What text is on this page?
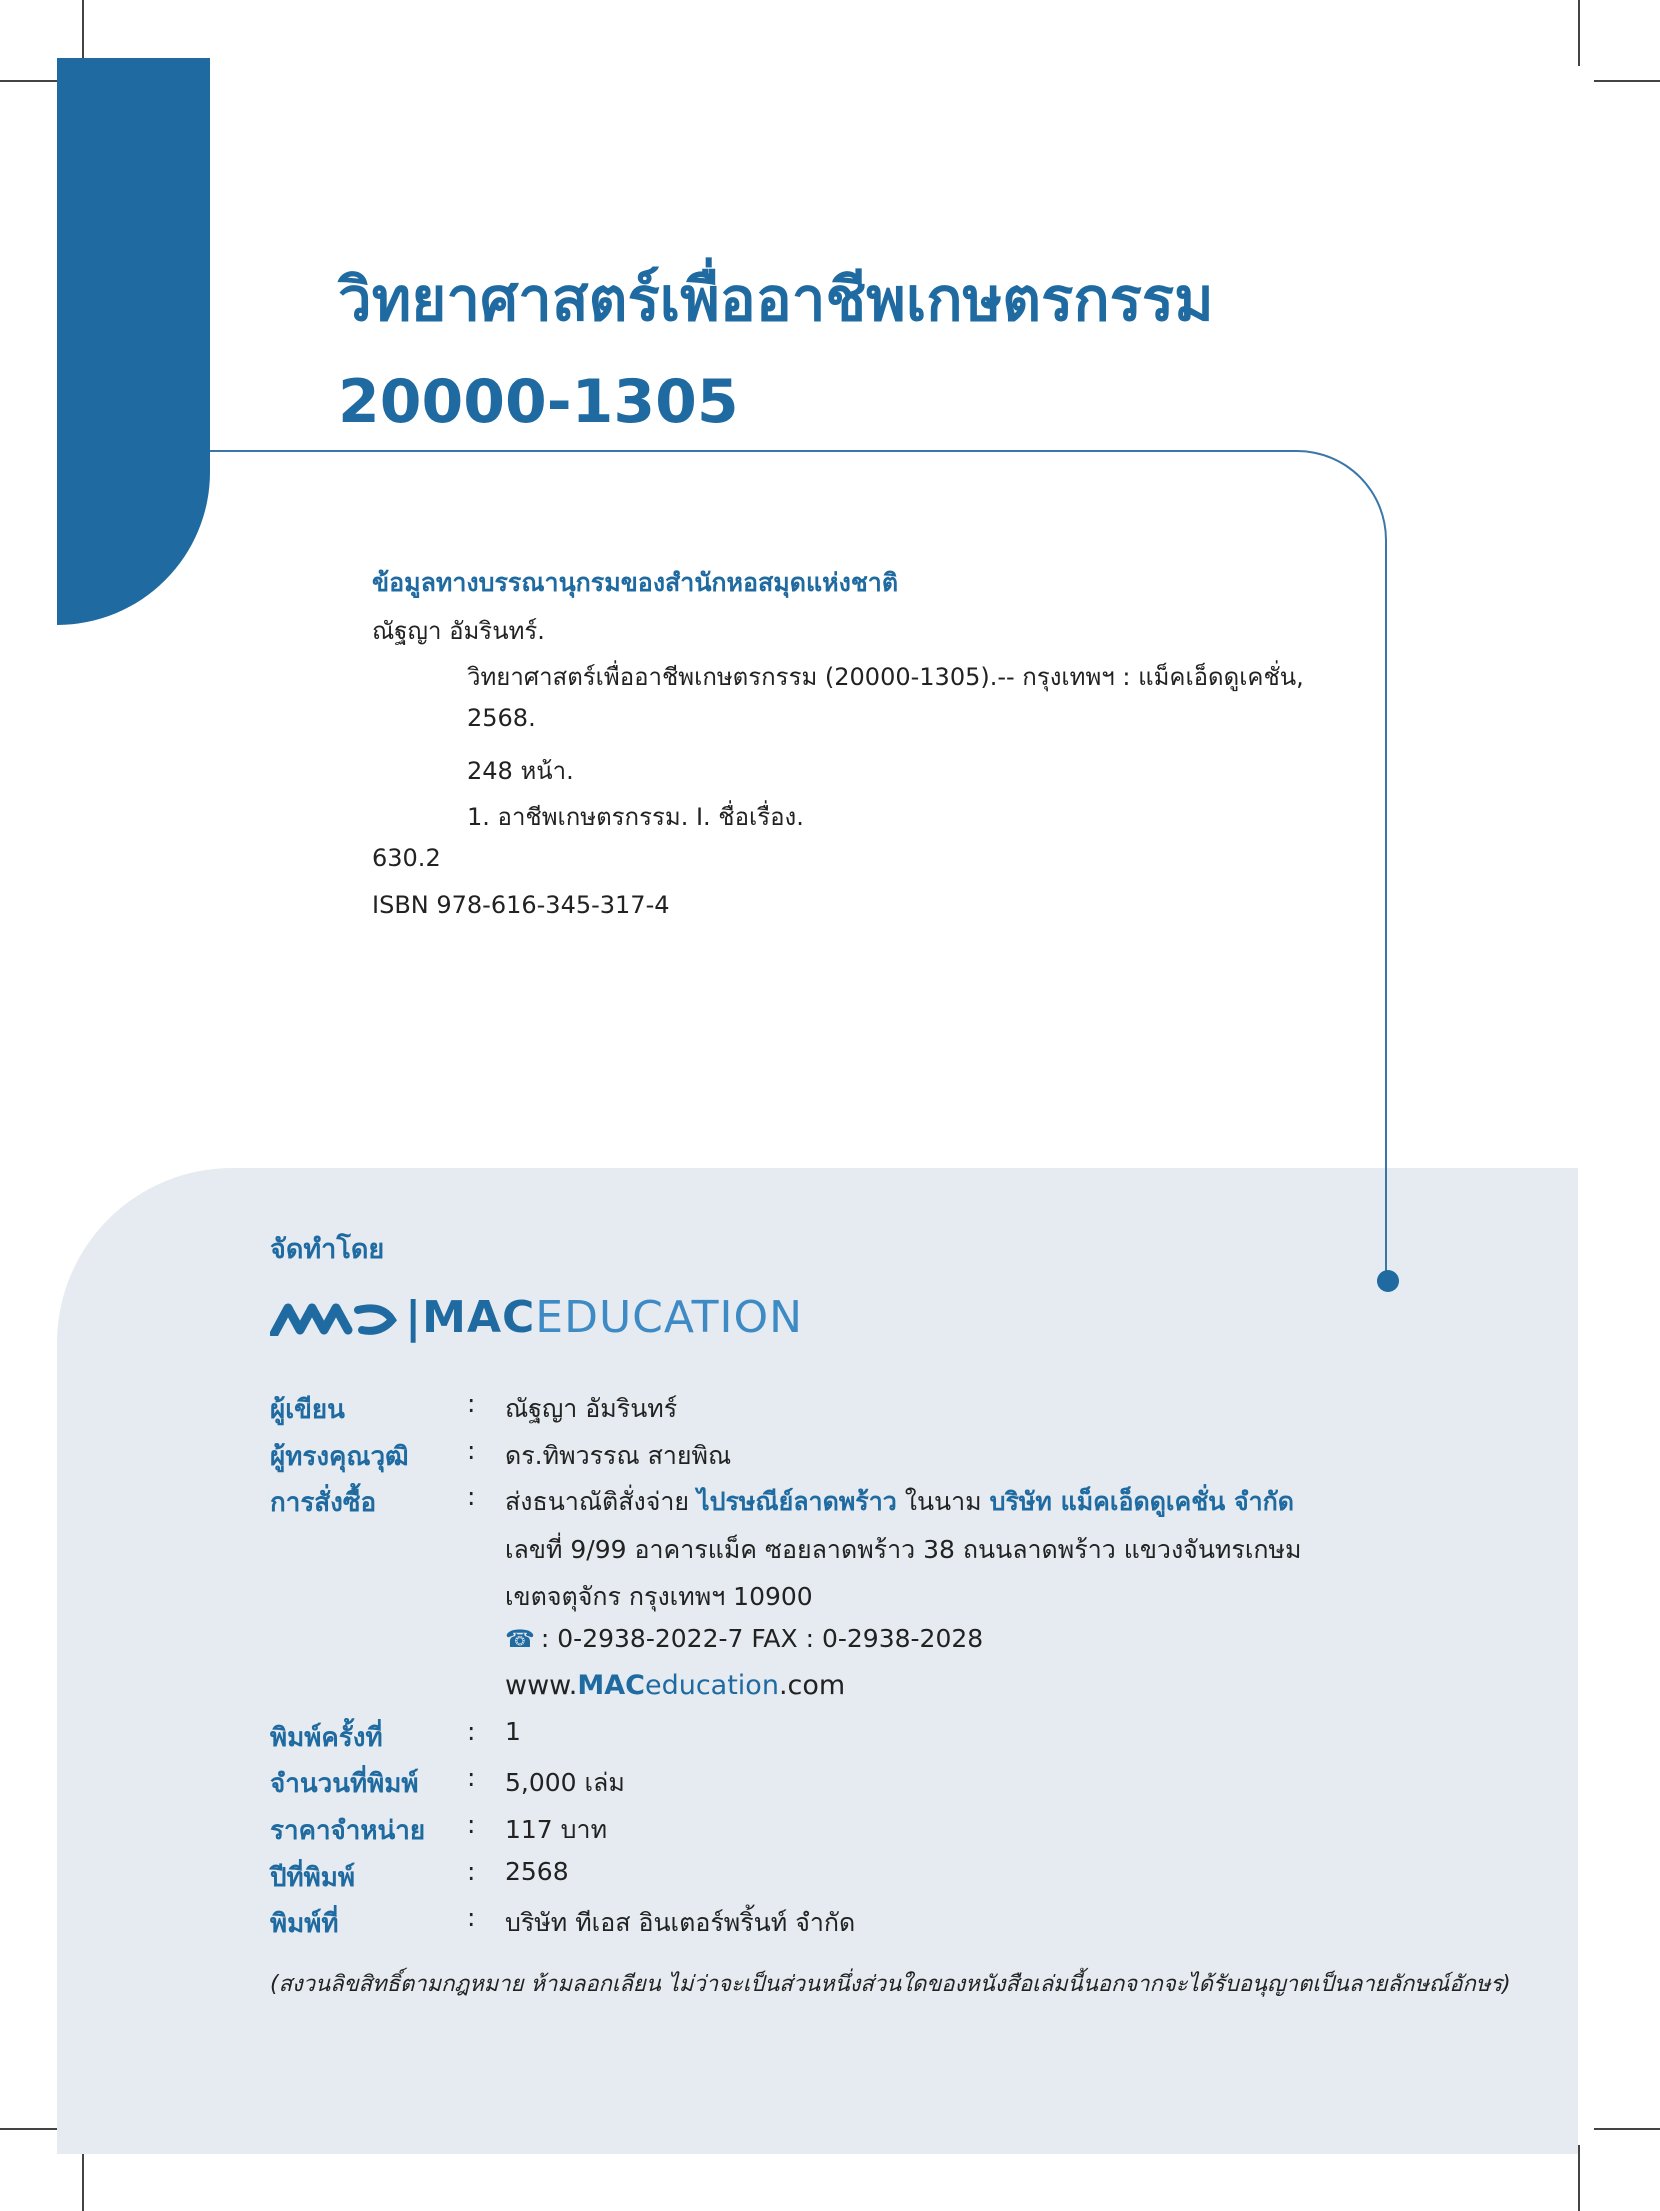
วิทยาศาสตร์เพื่ออาชีพเกษตรกรรม
20000-1305
ข้อมูลทางบรรณานุกรมของสำนักหอสมุดแห่งชาติ
ณัฐญา อัมรินทร์.
วิทยาศาสตร์เพื่ออาชีพเกษตรกรรม (20000-1305).-- กรุงเทพฯ : แม็คเอ็ดดูเคชั่น,
2568.
248 หน้า.
1. อาชีพเกษตรกรรม. I. ชื่อเรื่อง.
630.2
ISBN 978-616-345-317-4
จัดทำโดย
|MACEDUCATION
ผู้เขียน	: ณัฐญา อัมรินทร์
ผู้ทรงคุณวุฒิ	: ดร.ทิพวรรณ สายพิณ
การสั่งซื้อ	: ส่งธนาณัติสั่งจ่าย ไปรษณีย์ลาดพร้าว ในนาม บริษัท แม็คเอ็ดดูเคชั่น จำกัด
เลขที่ 9/99 อาคารแม็ค ซอยลาดพร้าว 38 ถนนลาดพร้าว แขวงจันทรเกษม
เขตจตุจักร กรุงเทพฯ 10900
☎ : 0-2938-2022-7 FAX : 0-2938-2028
www.MACeducation.com
พิมพ์ครั้งที่	: 1
จำนวนที่พิมพ์	: 5,000 เล่ม
ราคาจำหน่าย	: 117 บาท
ปีที่พิมพ์	: 2568
พิมพ์ที่	: บริษัท ทีเอส อินเตอร์พริ้นท์ จำกัด
(สงวนลิขสิทธิ์ตามกฎหมาย ห้ามลอกเลียน ไม่ว่าจะเป็นส่วนหนึ่งส่วนใดของหนังสือเล่มนี้นอกจากจะได้รับอนุญาตเป็นลายลักษณ์อักษร)
